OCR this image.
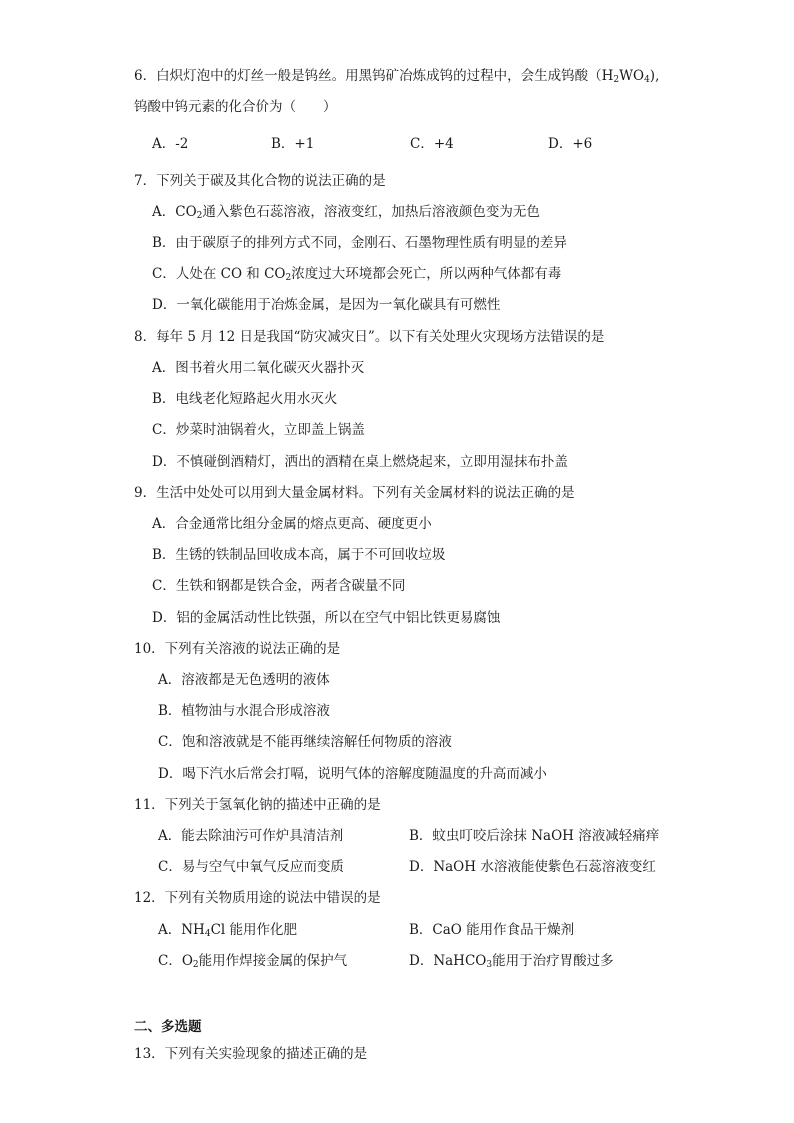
6．白炽灯泡中的灯丝一般是钨丝。用黑钨矿冶炼成钨的过程中，会生成钨酸$(H_2WO_4)$,
钨酸中钨元素的化合价为（　　）
A．-2	B．+1	C．+4	D．+6
7．下列关于碳及其化合物的说法正确的是
A．$CO_2$通入紫色石蕊溶液，溶液变红，加热后溶液颜色变为无色
B．由于碳原子的排列方式不同，金刚石、石墨物理性质有明显的差异
C．人处在 CO 和 $CO_2$浓度过大环境都会死亡，所以两种气体都有毒
D．一氧化碳能用于冶炼金属，是因为一氧化碳具有可燃性
8．每年 5 月 12 日是我国“防灾减灾日”。以下有关处理火灾现场方法错误的是
A．图书着火用二氧化碳灭火器扑灭
B．电线老化短路起火用水灭火
C．炒菜时油锅着火，立即盖上锅盖
D．不慎碰倒酒精灯，洒出的酒精在桌上燃烧起来，立即用湿抹布扑盖
9．生活中处处可以用到大量金属材料。下列有关金属材料的说法正确的是
A．合金通常比组分金属的熔点更高、硬度更小
B．生锈的铁制品回收成本高，属于不可回收垃圾
C．生铁和钢都是铁合金，两者含碳量不同
D．铝的金属活动性比铁强，所以在空气中铝比铁更易腐蚀
10．下列有关溶液的说法正确的是
A．溶液都是无色透明的液体
B．植物油与水混合形成溶液
C．饱和溶液就是不能再继续溶解任何物质的溶液
D．喝下汽水后常会打嗝，说明气体的溶解度随温度的升高而减小
11．下列关于氢氧化钠的描述中正确的是
A．能去除油污可作炉具清洁剂	B．蚊虫叮咬后涂抹 NaOH 溶液减轻痛痒
C．易与空气中氧气反应而变质	D．NaOH 水溶液能使紫色石蕊溶液变红
12．下列有关物质用途的说法中错误的是
A．$NH_4Cl$ 能用作化肥	B．CaO 能用作食品干燥剂
C．$O_2$能用作焊接金属的保护气	D．NaHCO$_3$能用于治疗胃酸过多
二、多选题
13．下列有关实验现象的描述正确的是
